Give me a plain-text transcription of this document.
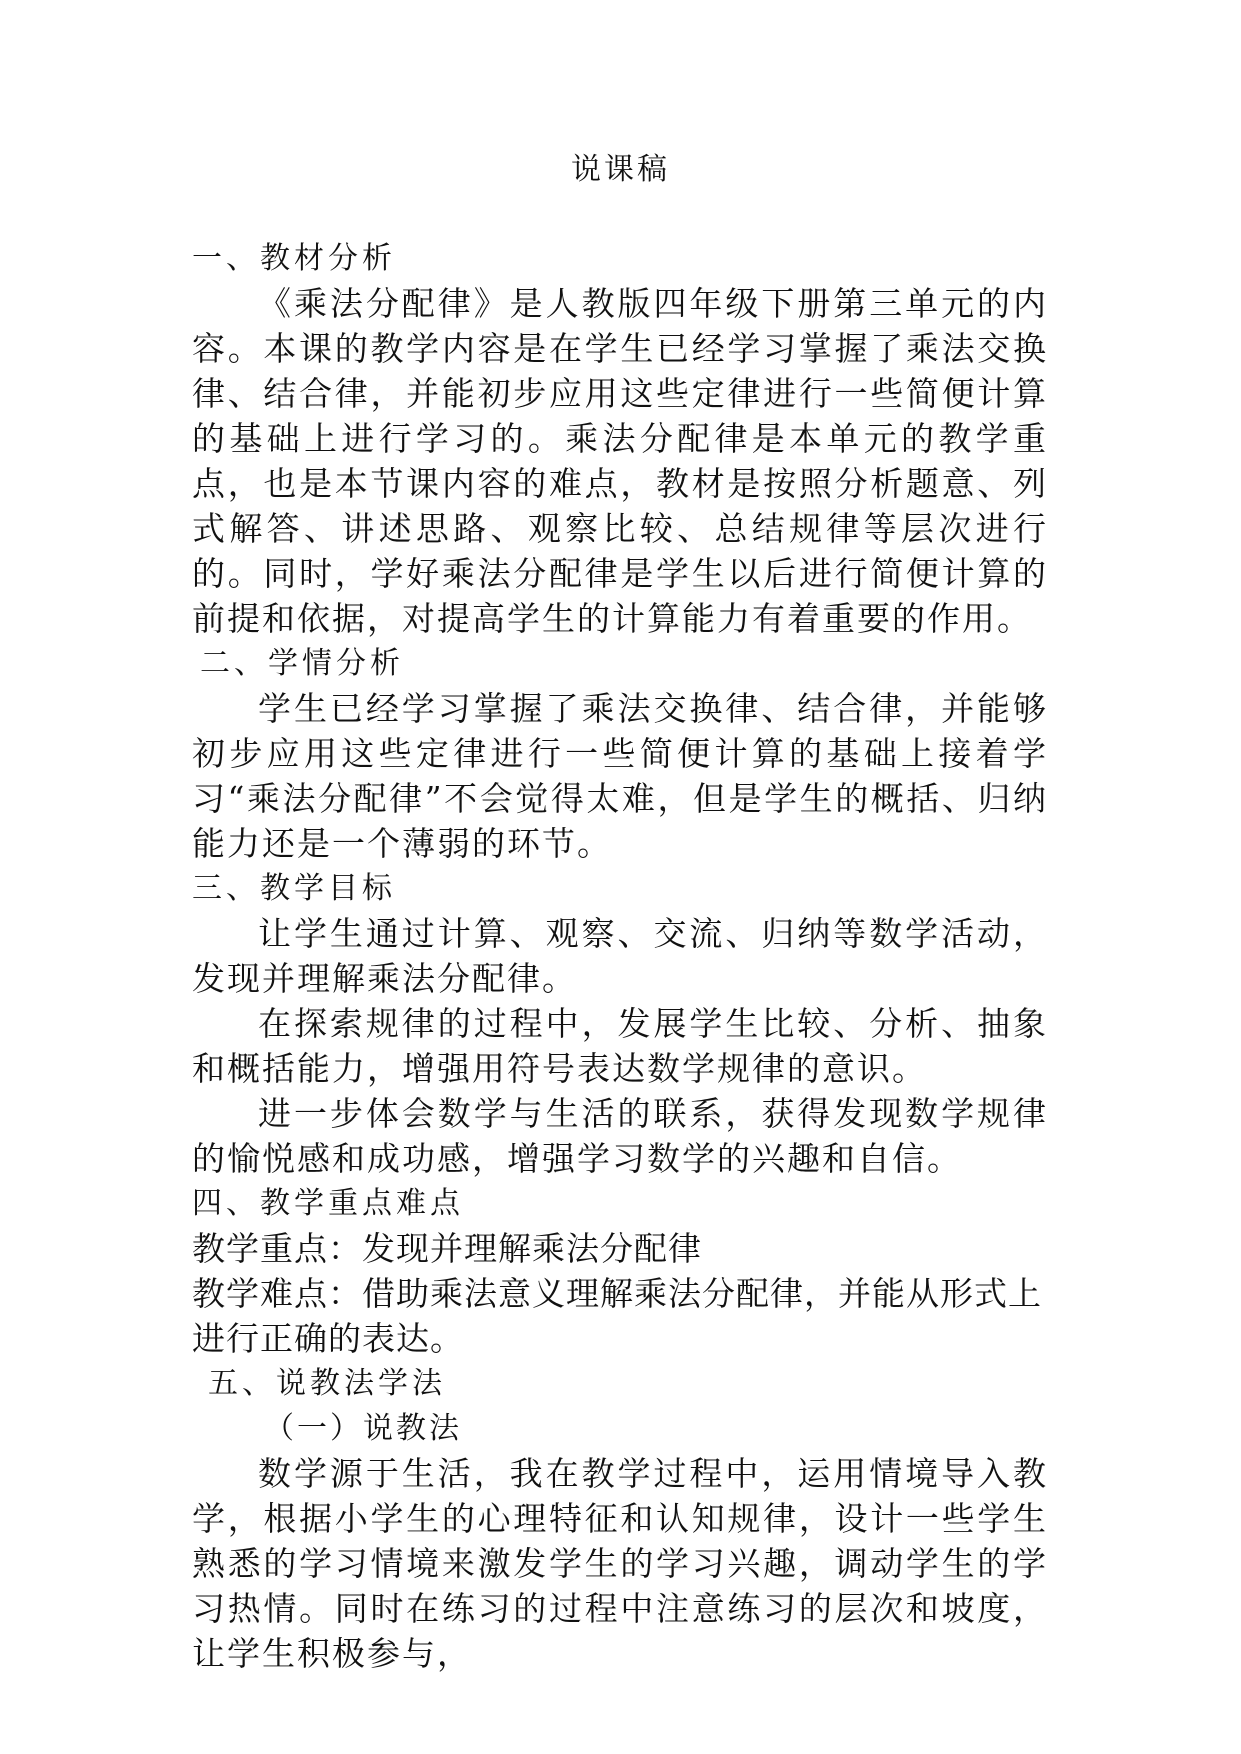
说课稿

一、教材分析

《乘法分配律》是人教版四年级下册第三单元的内容。本课的教学内容是在学生已经学习掌握了乘法交换律、结合律，并能初步应用这些定律进行一些简便计算的基础上进行学习的。乘法分配律是本单元的教学重点，也是本节课内容的难点，教材是按照分析题意、列式解答、讲述思路、观察比较、总结规律等层次进行的。同时，学好乘法分配律是学生以后进行简便计算的前提和依据，对提高学生的计算能力有着重要的作用。

二、学情分析

学生已经学习掌握了乘法交换律、结合律，并能够初步应用这些定律进行一些简便计算的基础上接着学习“乘法分配律”不会觉得太难，但是学生的概括、归纳能力还是一个薄弱的环节。

三、教学目标

让学生通过计算、观察、交流、归纳等数学活动，发现并理解乘法分配律。

在探索规律的过程中，发展学生比较、分析、抽象和概括能力，增强用符号表达数学规律的意识。

进一步体会数学与生活的联系，获得发现数学规律的愉悦感和成功感，增强学习数学的兴趣和自信。

四、教学重点难点

教学重点：发现并理解乘法分配律

教学难点：借助乘法意义理解乘法分配律，并能从形式上进行正确的表达。

五、说教法学法

（一）说教法

数学源于生活，我在教学过程中，运用情境导入教学，根据小学生的心理特征和认知规律，设计一些学生熟悉的学习情境来激发学生的学习兴趣，调动学生的学习热情。同时在练习的过程中注意练习的层次和坡度，让学生积极参与，
